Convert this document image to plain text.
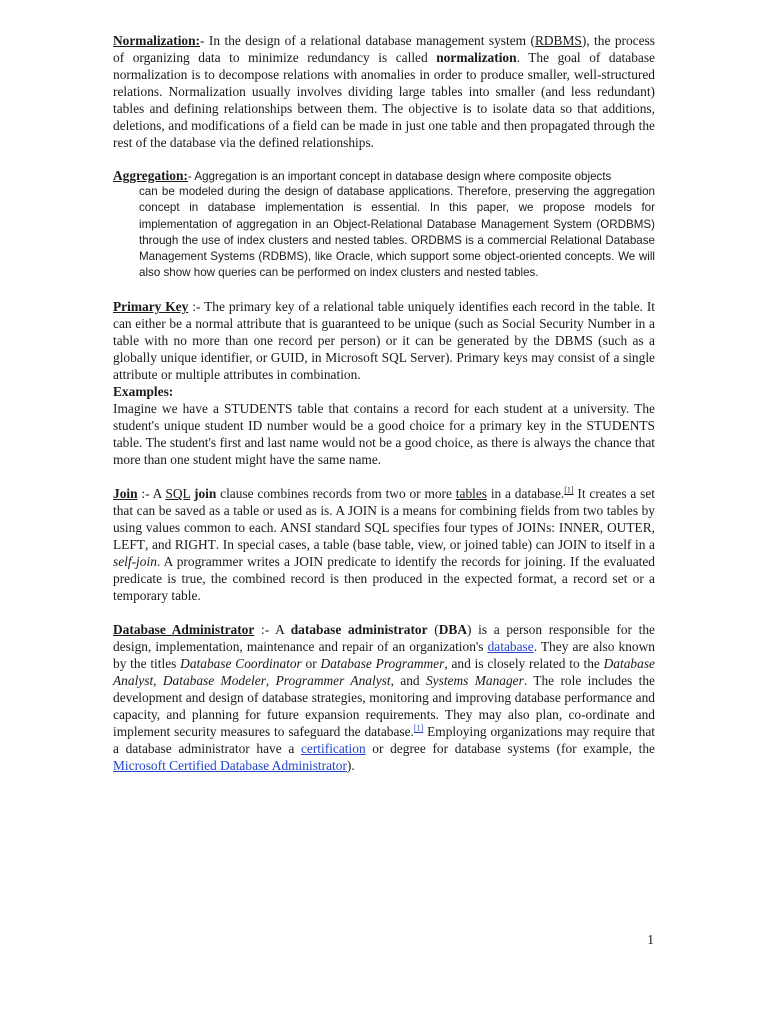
Normalization:- In the design of a relational database management system (RDBMS), the process of organizing data to minimize redundancy is called normalization. The goal of database normalization is to decompose relations with anomalies in order to produce smaller, well-structured relations. Normalization usually involves dividing large tables into smaller (and less redundant) tables and defining relationships between them. The objective is to isolate data so that additions, deletions, and modifications of a field can be made in just one table and then propagated through the rest of the database via the defined relationships.

Aggregation:- Aggregation is an important concept in database design where composite objects
can be modeled during the design of database applications. Therefore, preserving the aggregation concept in database implementation is essential. In this paper, we propose models for implementation of aggregation in an Object-Relational Database Management System (ORDBMS) through the use of index clusters and nested tables. ORDBMS is a commercial Relational Database Management Systems (RDBMS), like Oracle, which support some object-oriented concepts. We will also show how queries can be performed on index clusters and nested tables.

Primary Key :- The primary key of a relational table uniquely identifies each record in the table. It can either be a normal attribute that is guaranteed to be unique (such as Social Security Number in a table with no more than one record per person) or it can be generated by the DBMS (such as a globally unique identifier, or GUID, in Microsoft SQL Server). Primary keys may consist of a single attribute or multiple attributes in combination.

Examples:

Imagine we have a STUDENTS table that contains a record for each student at a university. The student's unique student ID number would be a good choice for a primary key in the STUDENTS table. The student's first and last name would not be a good choice, as there is always the chance that more than one student might have the same name.

Join :- A SQL join clause combines records from two or more tables in a database.[1] It creates a set that can be saved as a table or used as is. A JOIN is a means for combining fields from two tables by using values common to each. ANSI standard SQL specifies four types of JOINs: INNER, OUTER, LEFT, and RIGHT. In special cases, a table (base table, view, or joined table) can JOIN to itself in a self-join. A programmer writes a JOIN predicate to identify the records for joining. If the evaluated predicate is true, the combined record is then produced in the expected format, a record set or a temporary table.

Database Administrator :- A database administrator (DBA) is a person responsible for the design, implementation, maintenance and repair of an organization's database. They are also known by the titles Database Coordinator or Database Programmer, and is closely related to the Database Analyst, Database Modeler, Programmer Analyst, and Systems Manager. The role includes the development and design of database strategies, monitoring and improving database performance and capacity, and planning for future expansion requirements. They may also plan, co-ordinate and implement security measures to safeguard the database.[1] Employing organizations may require that a database administrator have a certification or degree for database systems (for example, the Microsoft Certified Database Administrator).

1
